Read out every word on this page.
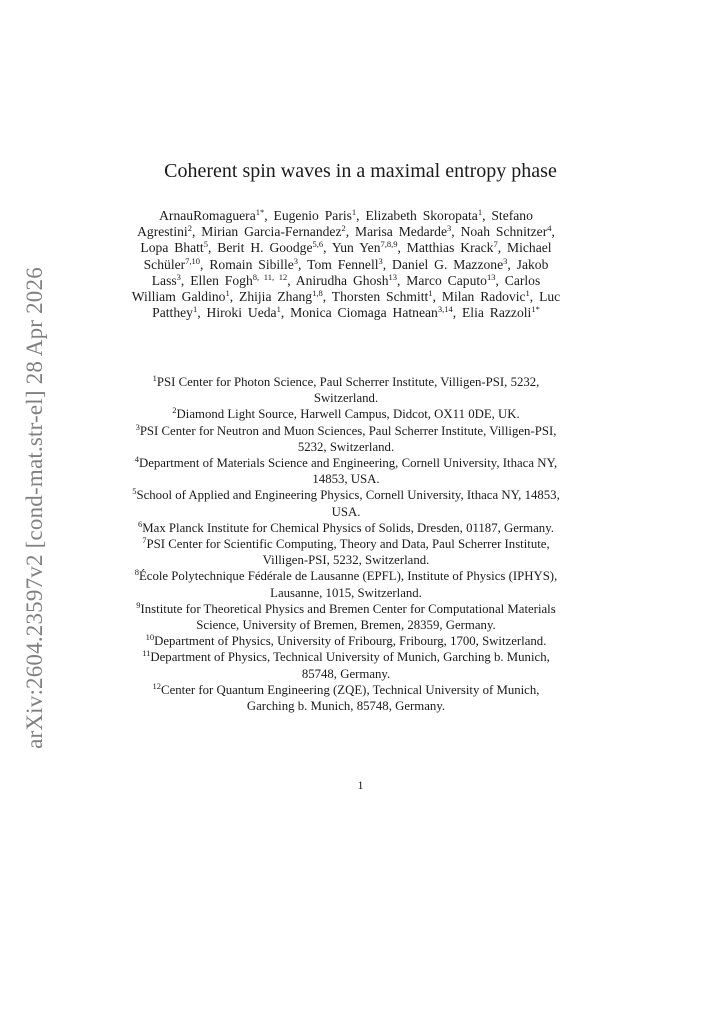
arXiv:2604.23597v2 [cond-mat.str-el] 28 Apr 2026
Coherent spin waves in a maximal entropy phase
ArnauRomaguera$^{1*}$, Eugenio Paris$^1$, Elizabeth Skoropata$^1$, Stefano Agrestini$^2$, Mirian Garcia-Fernandez$^2$, Marisa Medarde$^3$, Noah Schnitzer$^4$, Lopa Bhatt$^5$, Berit H. Goodge$^{5,6}$, Yun Yen$^{7,8,9}$, Matthias Krack$^7$, Michael Schüler$^{7,10}$, Romain Sibille$^3$, Tom Fennell$^3$, Daniel G. Mazzone$^3$, Jakob Lass$^3$, Ellen Fogh$^{8, 11, 12}$, Anirudha Ghosh$^{13}$, Marco Caputo$^{13}$, Carlos William Galdino$^1$, Zhijia Zhang$^{1,8}$, Thorsten Schmitt$^1$, Milan Radovic$^1$, Luc Patthey$^1$, Hiroki Ueda$^1$, Monica Ciomaga Hatnean$^{3,14}$, Elia Razzoli$^{1*}$

$^1$PSI Center for Photon Science, Paul Scherrer Institute, Villigen-PSI, 5232, Switzerland.

$^2$Diamond Light Source, Harwell Campus, Didcot, OX11 0DE, UK.

$^3$PSI Center for Neutron and Muon Sciences, Paul Scherrer Institute, Villigen-PSI, 5232, Switzerland.

$^4$Department of Materials Science and Engineering, Cornell University, Ithaca NY, 14853, USA.

$^5$School of Applied and Engineering Physics, Cornell University, Ithaca NY, 14853, USA.

$^6$Max Planck Institute for Chemical Physics of Solids, Dresden, 01187, Germany.

$^7$PSI Center for Scientific Computing, Theory and Data, Paul Scherrer Institute, Villigen-PSI, 5232, Switzerland.

$^8$École Polytechnique Fédérale de Lausanne (EPFL), Institute of Physics (IPHYS), Lausanne, 1015, Switzerland.

$^9$Institute for Theoretical Physics and Bremen Center for Computational Materials Science, University of Bremen, Bremen, 28359, Germany.

$^{10}$Department of Physics, University of Fribourg, Fribourg, 1700, Switzerland.

$^{11}$Department of Physics, Technical University of Munich, Garching b. Munich, 85748, Germany.

$^{12}$Center for Quantum Engineering (ZQE), Technical University of Munich, Garching b. Munich, 85748, Germany.

1
